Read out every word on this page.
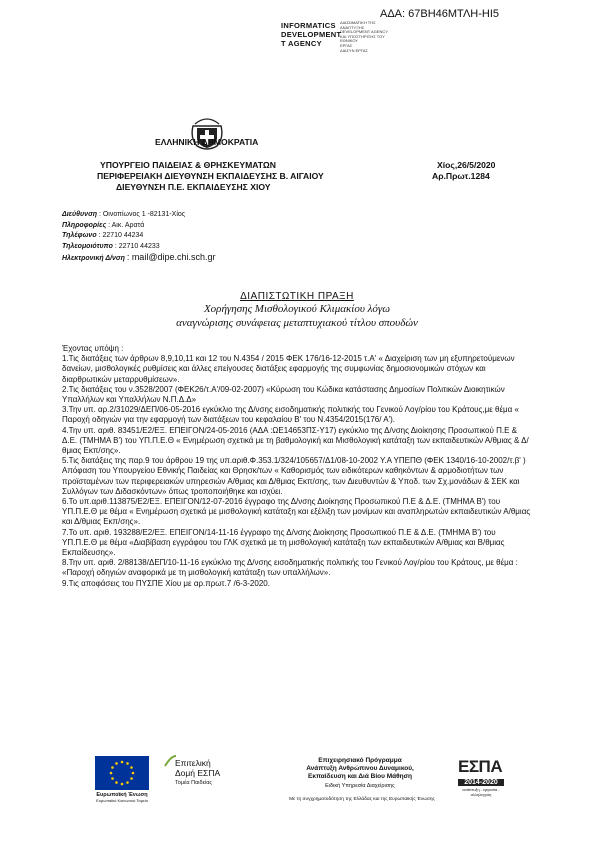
ΑΔΑ: 67ΒΗ46ΜΤΛΗ-ΗΙ5
INFORMATICS
DEVELOPMENT
T AGENCY
ΔΙΑΣΩΜΑΤΙΚΗ ΤΗΣ
ΑΝΑΠΤΥΞΗΣ
DEVELOPMENT AGENCY
ΚΑΙ ΥΠΟΣΤΗΡΙΞΗΣ ΤΟΥ
ΕΘΝΙΚΟΥ
ΕΡΓΑΣ
ΔΙΑΣΥΝ ΕΡΓΑΣ
ΕΛΛΗΝΙΚΗ ΔΗΜΟΚΡΑΤΙΑ
ΥΠΟΥΡΓΕΙΟ ΠΑΙΔΕΙΑΣ & ΘΡΗΣΚΕΥΜΑΤΩΝ
ΠΕΡΙΦΕΡΕΙΑΚΗ ΔΙΕΥΘΥΝΣΗ ΕΚΠΑΙΔΕΥΣΗΣ Β. ΑΙΓΑΙΟΥ
ΔΙΕΥΘΥΝΣΗ Π.Ε. ΕΚΠΑΙΔΕΥΣΗΣ ΧΙΟΥ
Χίος,26/5/2020
Αρ.Πρωτ.1284
Διεύθυνση : Οινοπίωνος 1 -82131-Χίος
Πληροφορίες : Αικ. Αρατά
Τηλέφωνο : 22710 44234
Τηλεομοιότυπο : 22710 44233
Ηλεκτρονική Δ/νση : mail@dipe.chi.sch.gr
ΔΙΑΠΙΣΤΩΤΙΚΗ ΠΡΑΞΗ
Χορήγησης Μισθολογικού Κλιμακίου λόγω
αναγνώρισης συνάφειας μεταπτυχιακού τίτλου σπουδών

Έχοντας υπόψη :

1.Τις διατάξεις των άρθρων 8,9,10,11 και 12 του Ν.4354 / 2015 ΦΕΚ 176/16-12-2015 τ.Α' « Διαχείριση των μη εξυπηρετούμενων δανείων, μισθολογικές ρυθμίσεις και άλλες επείγουσες διατάξεις εφαρμογής της συμφωνίας δημοσιονομικών στόχων και διαρθρωτικών μεταρρυθμίσεων».

2.Τις διατάξεις του ν.3528/2007 (ΦΕΚ26/τ.Α'/09-02-2007) «Κύρωση του Κώδικα κατάστασης Δημοσίων Πολιτικών Διοικητικών Υπαλλήλων και Υπαλλήλων Ν.Π.Δ.Δ»

3.Την υπ. αρ.2/31029/ΔΕΠ/06-05-2016 εγκύκλιο της Δ/νσης εισοδηματικής πολιτικής του Γενικού Λογ/ρίου του Κράτους,με θέμα « Παροχή οδηγιών για την εφαρμογή των διατάξεων του κεφαλαίου Β' του Ν.4354/2015(176/ Α').

4.Την υπ. αριθ. 83451/Ε2/ΕΞ. ΕΠΕΙΓΟΝ/24-05-2016 (ΑΔΑ :ΩΕ14653ΠΣ-Υ17) εγκύκλιο της Δ/νσης Διοίκησης Προσωπικού Π.Ε & Δ.Ε. (ΤΜΗΜΑ Β') του ΥΠ.Π.Ε.Θ « Ενημέρωση σχετικά με τη βαθμολογική και Μισθολογική κατάταξη των εκπαιδευτικών Α/θμιας & Δ/θμιας Εκπ/σης».

5.Τις διατάξεις της παρ.9 του άρθρου 19 της υπ.αριθ.Φ.353.1/324/105657/Δ1/08-10-2002 Υ.Α ΥΠΕΠΘ (ΦΕΚ 1340/16-10-2002/τ.β' ) Απόφαση του Υπουργείου Εθνικής Παιδείας και Θρησκ/των « Καθορισμός των ειδικότερων καθηκόντων & αρμοδιοτήτων των προϊσταμένων των περιφερειακών υπηρεσιών Α/θμιας και Δ/θμιας Εκπ/σης, των Διευθυντών & Υποδ. των Σχ.μονάδων & ΣΕΚ και Συλλόγων των Διδασκόντων» όπως τροποποιήθηκε και ισχύει.

6.Το υπ.αριθ.113875/Ε2/ΕΞ. ΕΠΕΙΓΟΝ/12-07-2016 έγγραφο της Δ/νσης Διοίκησης Προσωπικού Π.Ε & Δ.Ε. (ΤΜΗΜΑ Β') του ΥΠ.Π.Ε.Θ με θέμα « Ενημέρωση σχετικά με μισθολογική κατάταξη και εξέλιξη των μονίμων και αναπληρωτών εκπαιδευτικών Α/θμιας και Δ/θμιας Εκπ/σης».

7.Το υπ. αριθ. 193288/Ε2/ΕΞ. ΕΠΕΙΓΟΝ/14-11-16 έγγραφο της Δ/νσης Διοίκησης Προσωπικού Π.Ε & Δ.Ε. (ΤΜΗΜΑ Β') του ΥΠ.Π.Ε.Θ με θέμα «Διαβίβαση εγγράφου του ΓΛΚ σχετικά με τη μισθολογική κατάταξη των εκπαιδευτικών Α/θμιας και Β/θμιας Εκπαίδευσης».

8.Την υπ. αριθ. 2/88138/ΔΕΠ/10-11-16 εγκύκλιο της Δ/νσης εισοδηματικής πολιτικής του Γενικού Λογ/ρίου του Κράτους, με θέμα : «Παροχή οδηγιών αναφορικά με τη μισθολογική κατάταξη των υπαλλήλων».

9.Τις αποφάσεις του ΠΥΣΠΕ Χίου με αρ.πρωτ.7 /6-3-2020.

Ευρωπαϊκή Ένωση
Ευρωπαϊκό Κοινωνικό Ταμείο
Επιτελική
Δομή ΕΣΠΑ
Τομέα Παιδείας
Επιχειρησιακό Πρόγραμμα
Ανάπτυξη Ανθρώπινου Δυναμικού,
Εκπαίδευση και Διά Βίου Μάθηση
Ειδική Υπηρεσία Διαχείρισης
Με τη συγχρηματοδότηση της Ελλάδας και της Ευρωπαϊκής Ένωσης
ΕΣΠΑ
2014-2020
ανάπτυξη - εργασία - αλληλεγγύη
